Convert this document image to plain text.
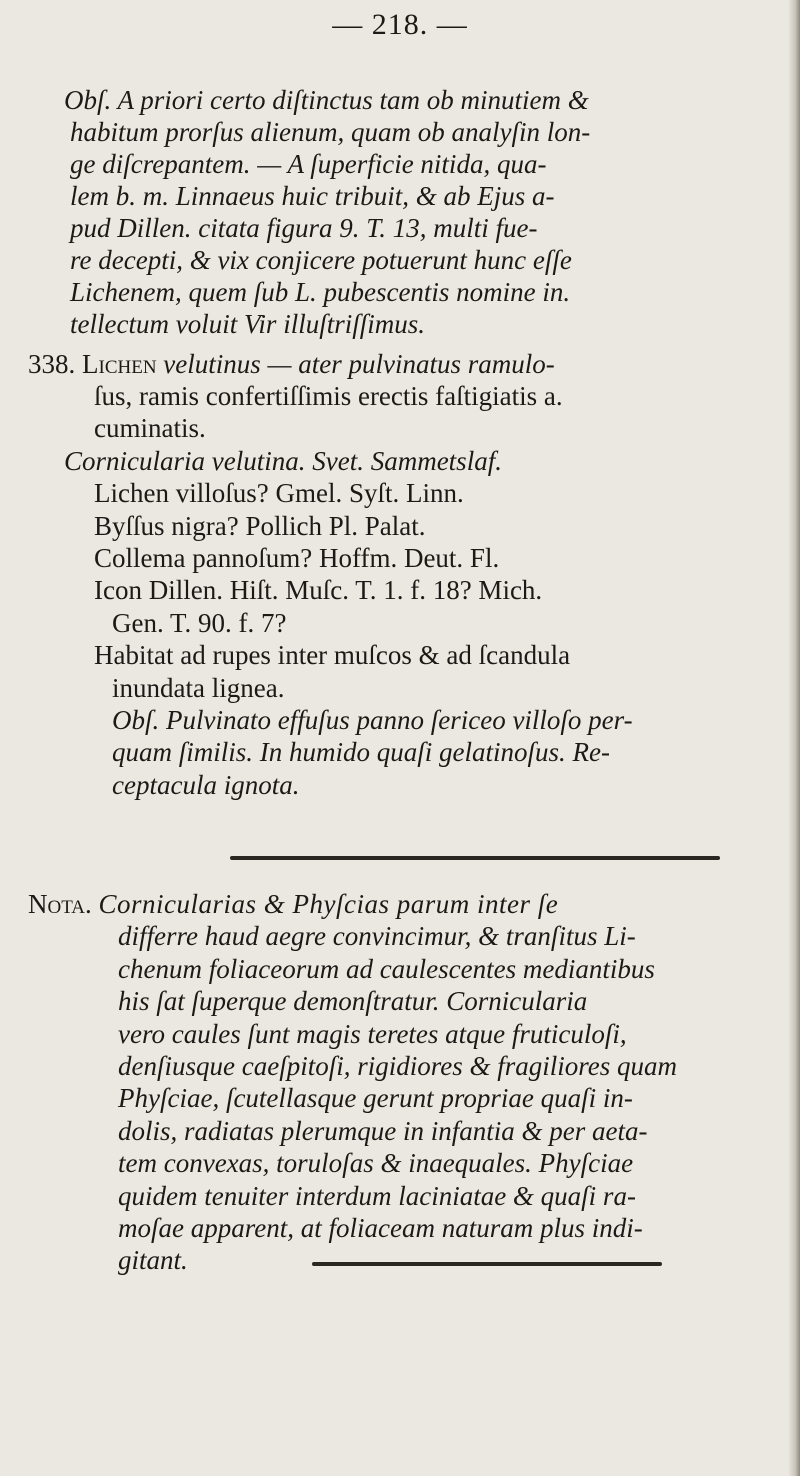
— 218. —
Obſ. A priori certo diſtinctus tam ob minutiem &
habitum prorſus alienum, quam ob analyſin lon-
ge diſcrepantem. — A ſuperficie nitida, qua-
lem b. m. Linnaeus huic tribuit, & ab Ejus a-
pud Dillen. citata figura 9. T. 13, multi fue-
re decepti, & vix conjicere potuerunt hunc eſſe
Lichenem, quem ſub L. pubescentis nomine in.
tellectum voluit Vir illuſtriſſimus.
338. Lichen velutinus — ater pulvinatus ramulo-
ſus, ramis confertiſſimis erectis faſtigiatis a.
cuminatis.
Cornicularia velutina. Svet. Sammetslaf.
Lichen villoſus? Gmel. Syſt. Linn.
Byſſus nigra? Pollich Pl. Palat.
Collema pannoſum? Hoffm. Deut. Fl.
Icon Dillen. Hiſt. Muſc. T. 1. f. 18? Mich.
Gen. T. 90. f. 7?
Habitat ad rupes inter muſcos & ad ſcandula
inundata lignea.
Obſ. Pulvinato effuſus panno ſericeo villoſo per-
quam ſimilis. In humido quaſi gelatinoſus. Re-
ceptacula ignota.
Nota. Cornicularias & Phyſcias parum inter ſe
differre haud aegre convincimur, & tranſitus Li-
chenum foliaceorum ad caulescentes mediantibus
his ſat ſuperque demonſtratur. Cornicularia
vero caules ſunt magis teretes atque fruticuloſi,
denſiusque caeſpitoſi, rigidiores & fragiliores quam
Phyſciae, ſcutellasque gerunt propriae quaſi in-
dolis, radiatas plerumque in infantia & per aeta-
tem convexas, toruloſas & inaequales. Phyſciae
quidem tenuiter interdum laciniatae & quaſi ra-
moſae apparent, at foliaceam naturam plus indi-
gitant.
